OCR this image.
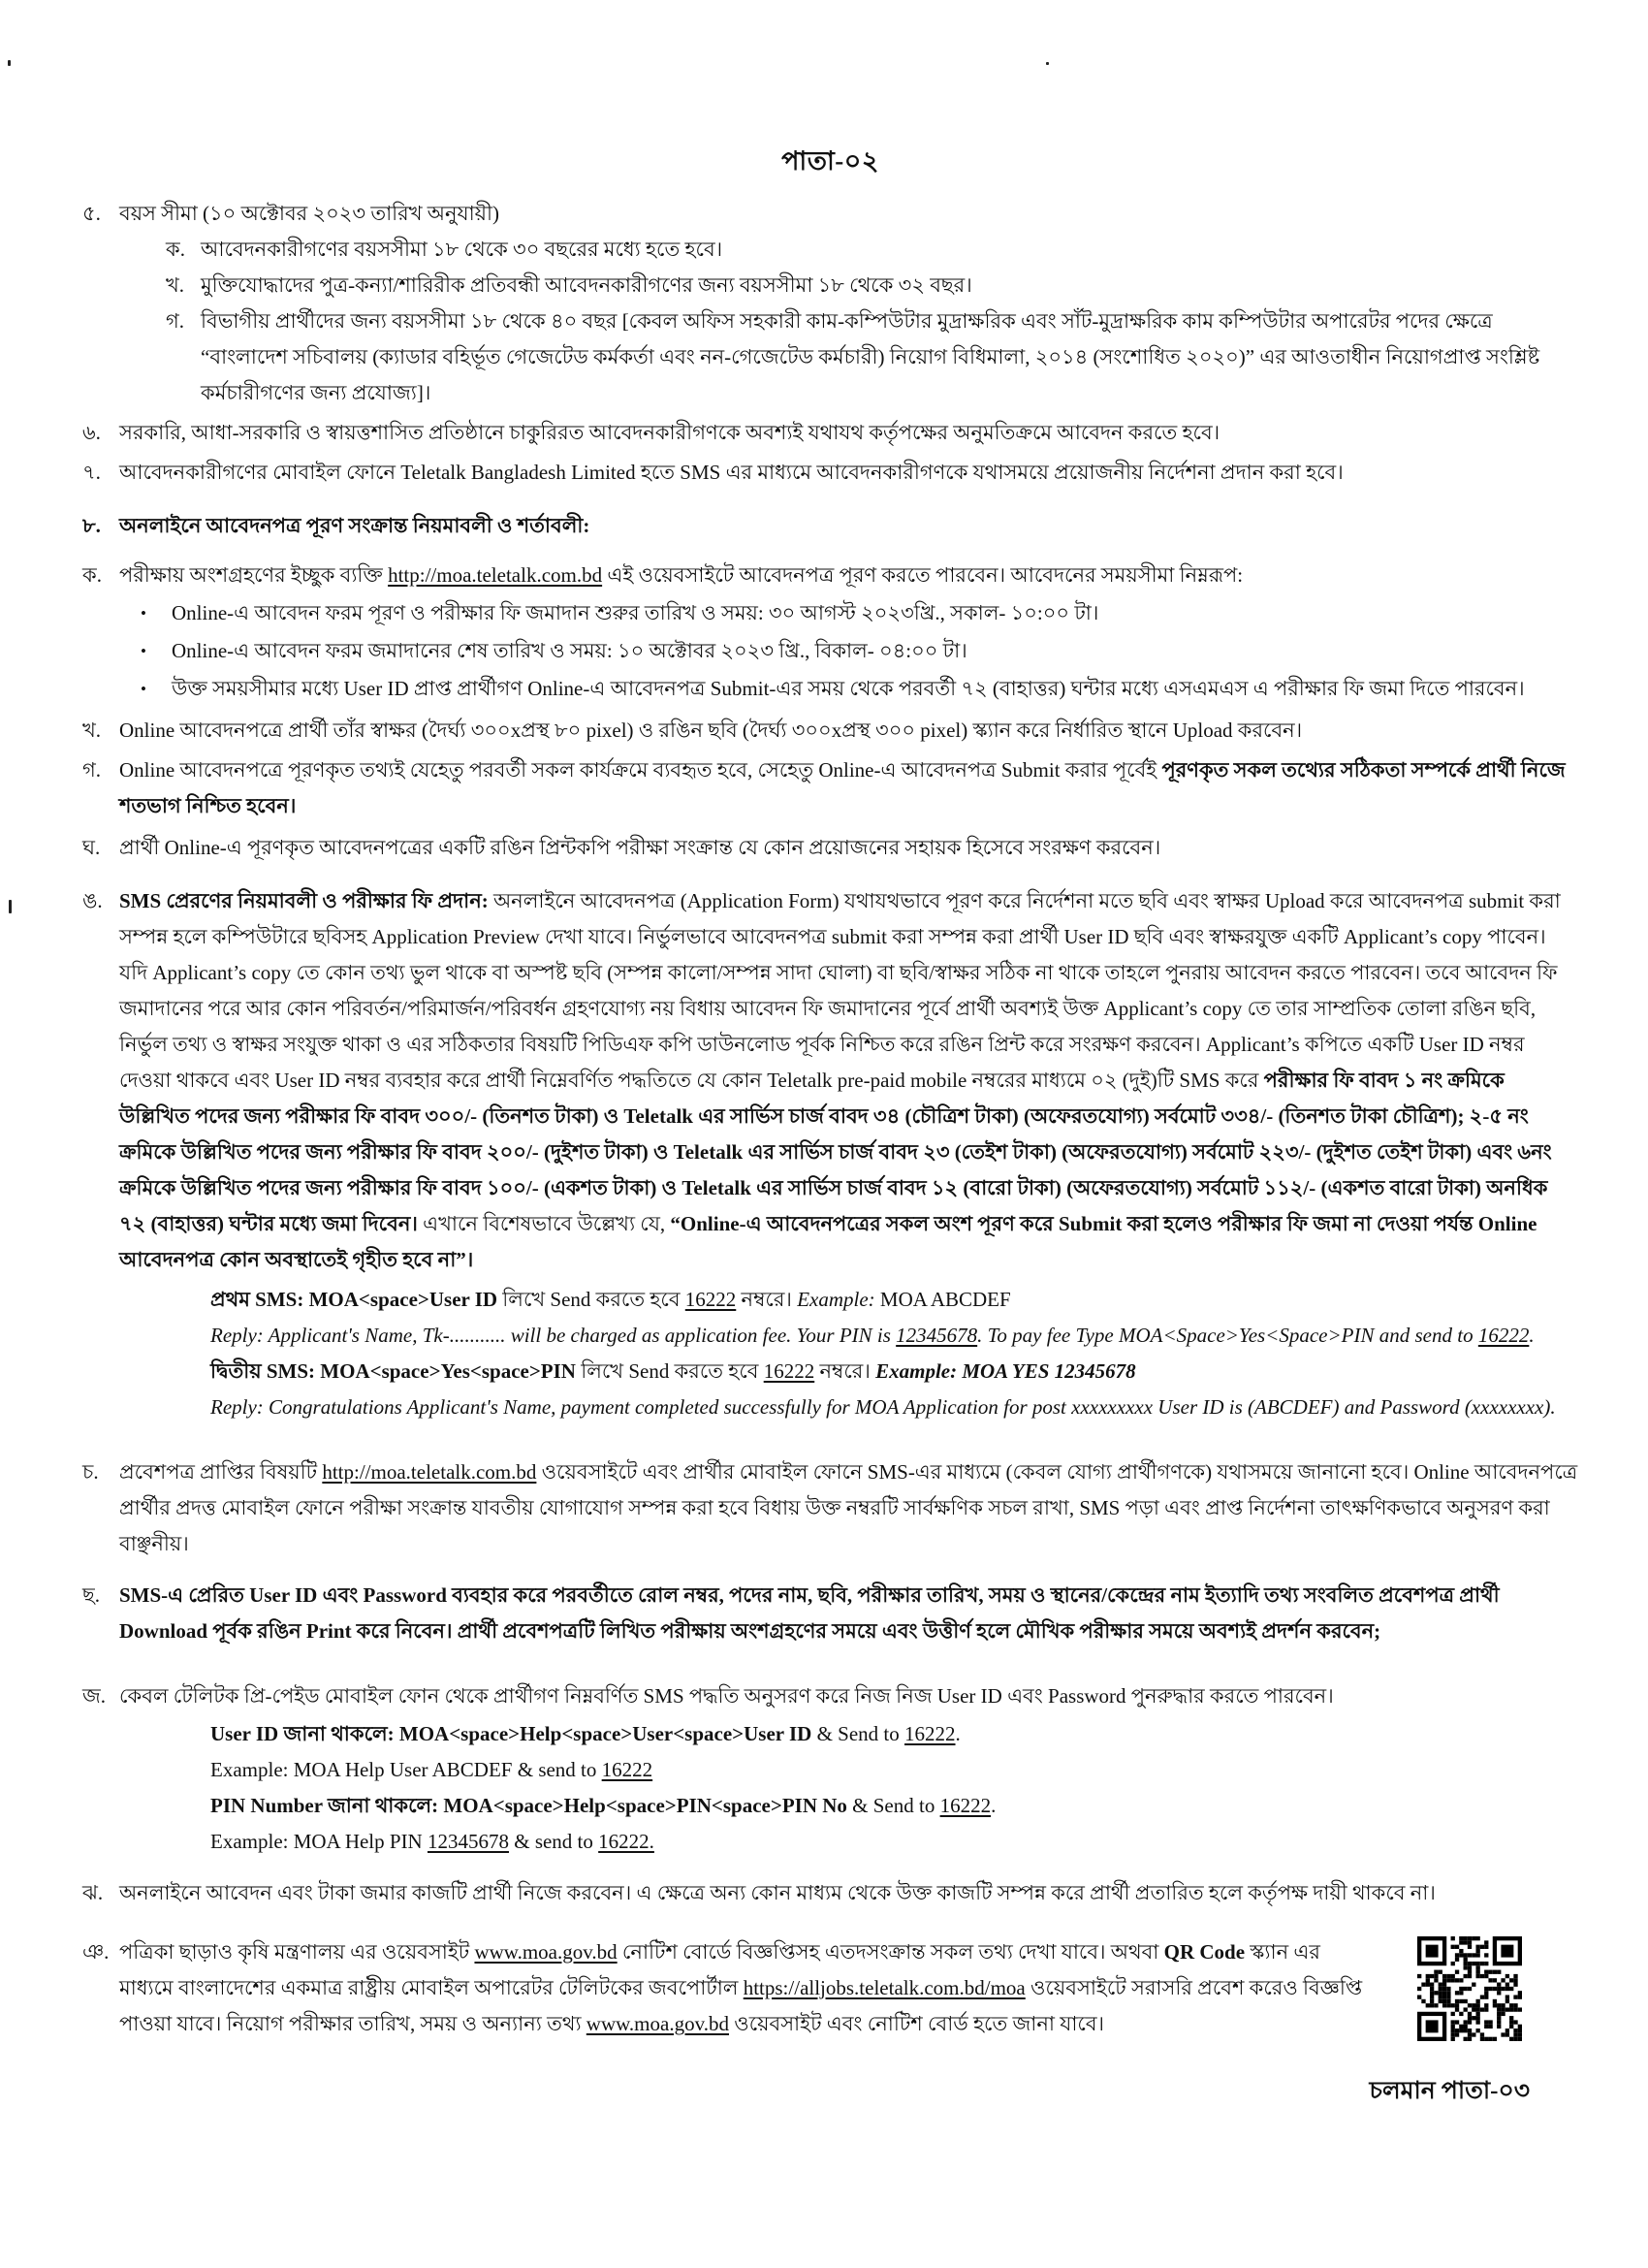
পাতা-০২
৫. বয়স সীমা (১০ অক্টোবর ২০২৩ তারিখ অনুযায়ী)
ক. আবেদনকারীগণের বয়সসীমা ১৮ থেকে ৩০ বছরের মধ্যে হতে হবে।
খ. মুক্তিযোদ্ধাদের পুত্র-কন্যা/শারিরীক প্রতিবন্ধী আবেদনকারীগণের জন্য বয়সসীমা ১৮ থেকে ৩২ বছর।
গ. বিভাগীয় প্রার্থীদের জন্য বয়সসীমা ১৮ থেকে ৪০ বছর [কেবল অফিস সহকারী কাম-কম্পিউটার মুদ্রাক্ষরিক এবং সাঁট-মুদ্রাক্ষরিক কাম কম্পিউটার অপারেটর পদের ক্ষেত্রে “বাংলাদেশ সচিবালয় (ক্যাডার বহির্ভূত গেজেটেড কর্মকর্তা এবং নন-গেজেটেড কর্মচারী) নিয়োগ বিধিমালা, ২০১৪ (সংশোধিত ২০২০)” এর আওতাধীন নিয়োগপ্রাপ্ত সংশ্লিষ্ট কর্মচারীগণের জন্য প্রযোজ্য]।
৬. সরকারি, আধা-সরকারি ও স্বায়ত্তশাসিত প্রতিষ্ঠানে চাকুরিরত আবেদনকারীগণকে অবশ্যই যথাযথ কর্তৃপক্ষের অনুমতিক্রমে আবেদন করতে হবে।
৭. আবেদনকারীগণের মোবাইল ফোনে Teletalk Bangladesh Limited হতে SMS এর মাধ্যমে আবেদনকারীগণকে যথাসময়ে প্রয়োজনীয় নির্দেশনা প্রদান করা হবে।
৮. অনলাইনে আবেদনপত্র পূরণ সংক্রান্ত নিয়মাবলী ও শর্তাবলী:
ক. পরীক্ষায় অংশগ্রহণের ইচ্ছুক ব্যক্তি http://moa.teletalk.com.bd এই ওয়েবসাইটে আবেদনপত্র পূরণ করতে পারবেন। আবেদনের সময়সীমা নিম্নরূপ:
•	Online-এ আবেদন ফরম পূরণ ও পরীক্ষার ফি জমাদান শুরুর তারিখ ও সময়: ৩০ আগস্ট ২০২৩খ্রি., সকাল- ১০:০০ টা।
•	Online-এ আবেদন ফরম জমাদানের শেষ তারিখ ও সময়: ১০ অক্টোবর ২০২৩ খ্রি., বিকাল- ০৪:০০ টা।
•	উক্ত সময়সীমার মধ্যে User ID প্রাপ্ত প্রার্থীগণ Online-এ আবেদনপত্র Submit-এর সময় থেকে পরবর্তী ৭২ (বাহাত্তর) ঘন্টার মধ্যে এসএমএস এ পরীক্ষার ফি জমা দিতে পারবেন।
খ. Online আবেদনপত্রে প্রার্থী তাঁর স্বাক্ষর (দৈর্ঘ্য ৩০০xপ্রস্থ ৮০ pixel) ও রঙিন ছবি (দৈর্ঘ্য ৩০০xপ্রস্থ ৩০০ pixel) স্ক্যান করে নির্ধারিত স্থানে Upload করবেন।
গ. Online আবেদনপত্রে পূরণকৃত তথ্যই যেহেতু পরবর্তী সকল কার্যক্রমে ব্যবহৃত হবে, সেহেতু Online-এ আবেদনপত্র Submit করার পূর্বেই পূরণকৃত সকল তথ্যের সঠিকতা সম্পর্কে প্রার্থী নিজে শতভাগ নিশ্চিত হবেন।
ঘ. প্রার্থী Online-এ পূরণকৃত আবেদনপত্রের একটি রঙিন প্রিন্টকপি পরীক্ষা সংক্রান্ত যে কোন প্রয়োজনের সহায়ক হিসেবে সংরক্ষণ করবেন।
ঙ. SMS প্রেরণের নিয়মাবলী ও পরীক্ষার ফি প্রদান: অনলাইনে আবেদনপত্র (Application Form) যথাযথভাবে পূরণ করে নির্দেশনা মতে ছবি এবং স্বাক্ষর Upload করে আবেদনপত্র submit করা সম্পন্ন হলে কম্পিউটারে ছবিসহ Application Preview দেখা যাবে। নির্ভুলভাবে আবেদনপত্র submit করা সম্পন্ন করা প্রার্থী User ID ছবি এবং স্বাক্ষরযুক্ত একটি Applicant’s copy পাবেন। যদি Applicant’s copy তে কোন তথ্য ভুল থাকে বা অস্পষ্ট ছবি (সম্পন্ন কালো/সম্পন্ন সাদা ঘোলা) বা ছবি/স্বাক্ষর সঠিক না থাকে তাহলে পুনরায় আবেদন করতে পারবেন। তবে আবেদন ফি জমাদানের পরে আর কোন পরিবর্তন/পরিমার্জন/পরিবর্ধন গ্রহণযোগ্য নয় বিধায় আবেদন ফি জমাদানের পূর্বে প্রার্থী অবশ্যই উক্ত Applicant’s copy তে তার সাম্প্রতিক তোলা রঙিন ছবি, নির্ভুল তথ্য ও স্বাক্ষর সংযুক্ত থাকা ও এর সঠিকতার বিষয়টি পিডিএফ কপি ডাউনলোড পূর্বক নিশ্চিত করে রঙিন প্রিন্ট করে সংরক্ষণ করবেন। Applicant’s কপিতে একটি User ID নম্বর দেওয়া থাকবে এবং User ID নম্বর ব্যবহার করে প্রার্থী নিম্নেবর্ণিত পদ্ধতিতে যে কোন Teletalk pre-paid mobile নম্বরের মাধ্যমে ০২ (দুই)টি SMS করে পরীক্ষার ফি বাবদ ১ নং ক্রমিকে উল্লিখিত পদের জন্য পরীক্ষার ফি বাবদ ৩০০/- (তিনশত টাকা) ও Teletalk এর সার্ভিস চার্জ বাবদ ৩৪ (চৌত্রিশ টাকা) (অফেরতযোগ্য) সর্বমোট ৩৩৪/- (তিনশত টাকা চৌত্রিশ); ২-৫ নং ক্রমিকে উল্লিখিত পদের জন্য পরীক্ষার ফি বাবদ ২০০/- (দুইশত টাকা) ও Teletalk এর সার্ভিস চার্জ বাবদ ২৩ (তেইশ টাকা) (অফেরতযোগ্য) সর্বমোট ২২৩/- (দুইশত তেইশ টাকা) এবং ৬নং ক্রমিকে উল্লিখিত পদের জন্য পরীক্ষার ফি বাবদ ১০০/- (একশত টাকা) ও Teletalk এর সার্ভিস চার্জ বাবদ ১২ (বারো টাকা) (অফেরতযোগ্য) সর্বমোট ১১২/- (একশত বারো টাকা) অনধিক ৭২ (বাহাত্তর) ঘন্টার মধ্যে জমা দিবেন। এখানে বিশেষভাবে উল্লেখ্য যে, “Online-এ আবেদনপত্রের সকল অংশ পূরণ করে Submit করা হলেও পরীক্ষার ফি জমা না দেওয়া পর্যন্ত Online আবেদনপত্র কোন অবস্থাতেই গৃহীত হবে না”।
প্রথম SMS: MOA<space>User ID লিখে Send করতে হবে 16222 নম্বরে। Example: MOA ABCDEF
Reply: Applicant's Name, Tk-........... will be charged as application fee. Your PIN is 12345678. To pay fee Type MOA<Space>Yes<Space>PIN and send to 16222.
দ্বিতীয় SMS: MOA<space>Yes<space>PIN লিখে Send করতে হবে 16222 নম্বরে। Example: MOA YES 12345678
Reply: Congratulations Applicant's Name, payment completed successfully for MOA Application for post xxxxxxxxx User ID is (ABCDEF) and Password (xxxxxxxx).
চ.	প্রবেশপত্র প্রাপ্তির বিষয়টি http://moa.teletalk.com.bd ওয়েবসাইটে এবং প্রার্থীর মোবাইল ফোনে SMS-এর মাধ্যমে (কেবল যোগ্য প্রার্থীগণকে) যথাসময়ে জানানো হবে। Online আবেদনপত্রে প্রার্থীর প্রদত্ত মোবাইল ফোনে পরীক্ষা সংক্রান্ত যাবতীয় যোগাযোগ সম্পন্ন করা হবে বিধায় উক্ত নম্বরটি সার্বক্ষণিক সচল রাখা, SMS পড়া এবং প্রাপ্ত নির্দেশনা তাৎক্ষণিকভাবে অনুসরণ করা বাঞ্ছনীয়।
ছ. SMS-এ প্রেরিত User ID এবং Password ব্যবহার করে পরবর্তীতে রোল নম্বর, পদের নাম, ছবি, পরীক্ষার তারিখ, সময় ও স্থানের/কেন্দ্রের নাম ইত্যাদি তথ্য সংবলিত প্রবেশপত্র প্রার্থী Download পূর্বক রঙিন Print করে নিবেন। প্রার্থী প্রবেশপত্রটি লিখিত পরীক্ষায় অংশগ্রহণের সময়ে এবং উত্তীর্ণ হলে মৌখিক পরীক্ষার সময়ে অবশ্যই প্রদর্শন করবেন;
জ. কেবল টেলিটক প্রি-পেইড মোবাইল ফোন থেকে প্রার্থীগণ নিম্নবর্ণিত SMS পদ্ধতি অনুসরণ করে নিজ নিজ User ID এবং Password পুনরুদ্ধার করতে পারবেন।
User ID জানা থাকলে: MOA<space>Help<space>User<space>User ID & Send to 16222.
Example: MOA Help User ABCDEF & send to 16222
PIN Number জানা থাকলে: MOA<space>Help<space>PIN<space>PIN No & Send to 16222.
Example: MOA Help PIN 12345678 & send to 16222.
ঝ. অনলাইনে আবেদন এবং টাকা জমার কাজটি প্রার্থী নিজে করবেন। এ ক্ষেত্রে অন্য কোন মাধ্যম থেকে উক্ত কাজটি সম্পন্ন করে প্রার্থী প্রতারিত হলে কর্তৃপক্ষ দায়ী থাকবে না।
ঞ. পত্রিকা ছাড়াও কৃষি মন্ত্রণালয় এর ওয়েবসাইট www.moa.gov.bd নোটিশ বোর্ডে বিজ্ঞপ্তিসহ এতদসংক্রান্ত সকল তথ্য দেখা যাবে। অথবা QR Code স্ক্যান এর মাধ্যমে বাংলাদেশের একমাত্র রাষ্ট্রীয় মোবাইল অপারেটর টেলিটকের জবপোর্টাল https://alljobs.teletalk.com.bd/moa ওয়েবসাইটে সরাসরি প্রবেশ করেও বিজ্ঞপ্তি পাওয়া যাবে। নিয়োগ পরীক্ষার তারিখ, সময় ও অন্যান্য তথ্য www.moa.gov.bd ওয়েবসাইট এবং নোটিশ বোর্ড হতে জানা যাবে।
চলমান পাতা-০৩
